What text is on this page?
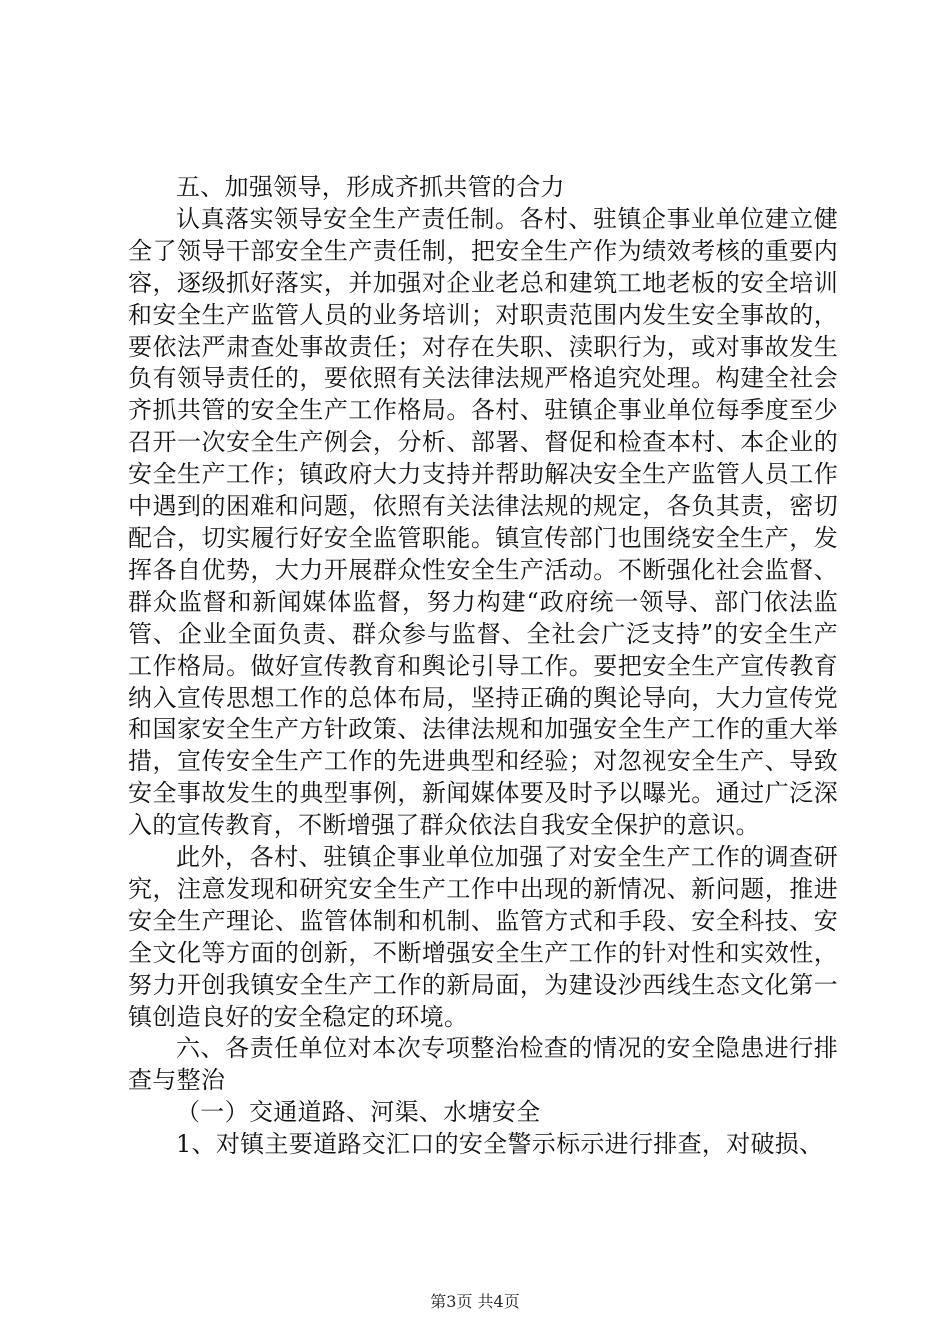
五、加强领导，形成齐抓共管的合力

认真落实领导安全生产责任制。各村、驻镇企事业单位建立健全了领导干部安全生产责任制，把安全生产作为绩效考核的重要内容，逐级抓好落实，并加强对企业老总和建筑工地老板的安全培训和安全生产监管人员的业务培训；对职责范围内发生安全事故的，要依法严肃查处事故责任；对存在失职、渎职行为，或对事故发生负有领导责任的，要依照有关法律法规严格追究处理。构建全社会齐抓共管的安全生产工作格局。各村、驻镇企事业单位每季度至少召开一次安全生产例会，分析、部署、督促和检查本村、本企业的安全生产工作；镇政府大力支持并帮助解决安全生产监管人员工作中遇到的困难和问题，依照有关法律法规的规定，各负其责，密切配合，切实履行好安全监管职能。镇宣传部门也围绕安全生产，发挥各自优势，大力开展群众性安全生产活动。不断强化社会监督、群众监督和新闻媒体监督，努力构建“政府统一领导、部门依法监管、企业全面负责、群众参与监督、全社会广泛支持”的安全生产工作格局。做好宣传教育和舆论引导工作。要把安全生产宣传教育纳入宣传思想工作的总体布局，坚持正确的舆论导向，大力宣传党和国家安全生产方针政策、法律法规和加强安全生产工作的重大举措，宣传安全生产工作的先进典型和经验；对忽视安全生产、导致安全事故发生的典型事例，新闻媒体要及时予以曝光。通过广泛深入的宣传教育，不断增强了群众依法自我安全保护的意识。

此外，各村、驻镇企事业单位加强了对安全生产工作的调查研究，注意发现和研究安全生产工作中出现的新情况、新问题，推进安全生产理论、监管体制和机制、监管方式和手段、安全科技、安全文化等方面的创新，不断增强安全生产工作的针对性和实效性，努力开创我镇安全生产工作的新局面，为建设沙西线生态文化第一镇创造良好的安全稳定的环境。

六、各责任单位对本次专项整治检查的情况的安全隐患进行排查与整治

（一）交通道路、河渠、水塘安全

1、对镇主要道路交汇口的安全警示标示进行排查，对破损、

第3页 共4页
